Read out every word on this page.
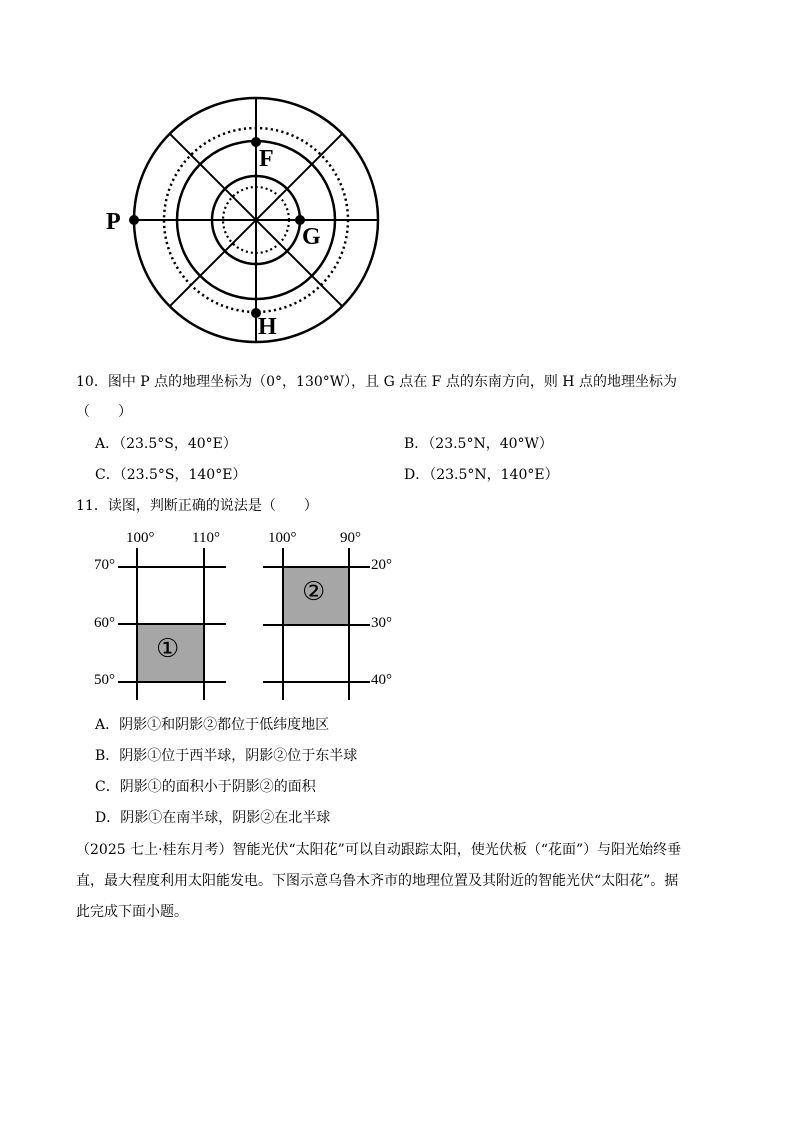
F
P
G
H
10．图中 P 点的地理坐标为（0°，130°W），且 G 点在 F 点的东南方向，则 H 点的地理坐标为
（　　）
A．（23.5°S，40°E）	B．（23.5°N，40°W）
C．（23.5°S，140°E）	D．（23.5°N，140°E）
11．读图，判断正确的说法是（　　）
100°	110°
70°
60°
50°
①
100°	90°
20°
30°
40°
②
A．阴影①和阴影②都位于低纬度地区
B．阴影①位于西半球，阴影②位于东半球
C．阴影①的面积小于阴影②的面积
D．阴影①在南半球，阴影②在北半球
（2025 七上·桂东月考）智能光伏“太阳花”可以自动跟踪太阳，使光伏板（“花面”）与阳光始终垂
直，最大程度利用太阳能发电。下图示意乌鲁木齐市的地理位置及其附近的智能光伏“太阳花”。据
此完成下面小题。
